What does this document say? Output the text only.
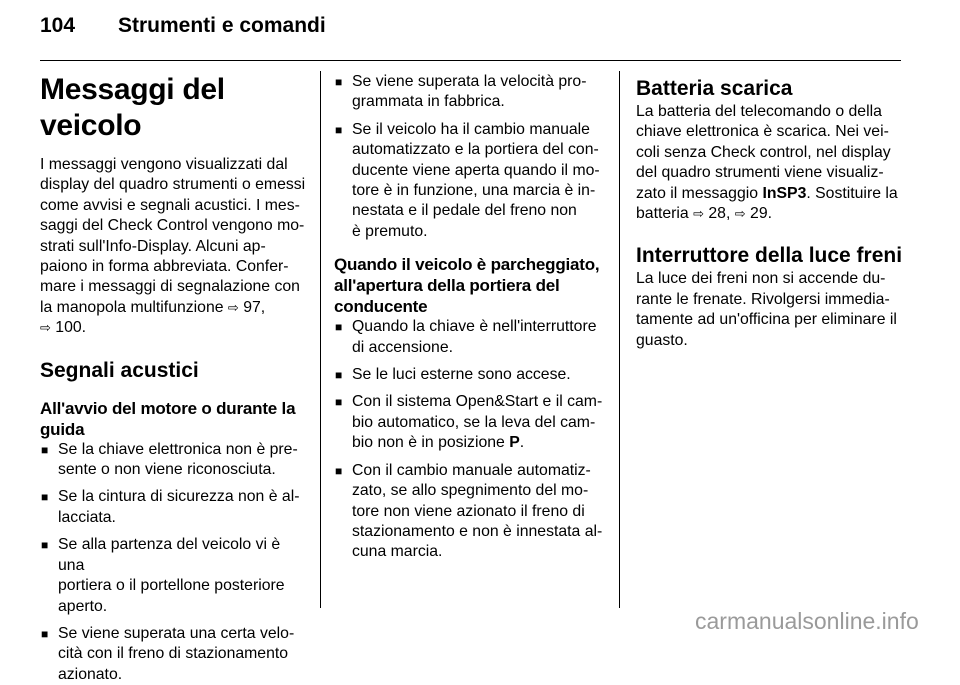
104 Strumenti e comandi
Messaggi del veicolo

I messaggi vengono visualizzati dal
display del quadro strumenti o emessi
come avvisi e segnali acustici. I mes-
saggi del Check Control vengono mo-
strati sull'Info-Display. Alcuni ap-
paiono in forma abbreviata. Confer-
mare i messaggi di segnalazione con
la manopola multifunzione ⇨ 97,
⇨ 100.

Segnali acustici
All'avvio del motore o durante la
guida
■ Se la chiave elettronica non è pre-
sente o non viene riconosciuta.
■ Se la cintura di sicurezza non è al-
lacciata.
■ Se alla partenza del veicolo vi è una
portiera o il portellone posteriore
aperto.
■ Se viene superata una certa velo-
cità con il freno di stazionamento
azionato.
■ Se viene superata la velocità pro-
grammata in fabbrica.
■ Se il veicolo ha il cambio manuale
automatizzato e la portiera del con-
ducente viene aperta quando il mo-
tore è in funzione, una marcia è in-
nestata e il pedale del freno non
è premuto.
Quando il veicolo è parcheggiato,
all'apertura della portiera del
conducente
■ Quando la chiave è nell'interruttore
di accensione.
■ Se le luci esterne sono accese.
■ Con il sistema Open&Start e il cam-
bio automatico, se la leva del cam-
bio non è in posizione P.
■ Con il cambio manuale automatiz-
zato, se allo spegnimento del mo-
tore non viene azionato il freno di
stazionamento e non è innestata al-
cuna marcia.
Batteria scarica

La batteria del telecomando o della
chiave elettronica è scarica. Nei vei-
coli senza Check control, nel display
del quadro strumenti viene visualiz-
zato il messaggio InSP3. Sostituire la
batteria ⇨ 28, ⇨ 29.

Interruttore della luce freni

La luce dei freni non si accende du-
rante le frenate. Rivolgersi immedia-
tamente ad un'officina per eliminare il
guasto.

carmanualsonline.info
